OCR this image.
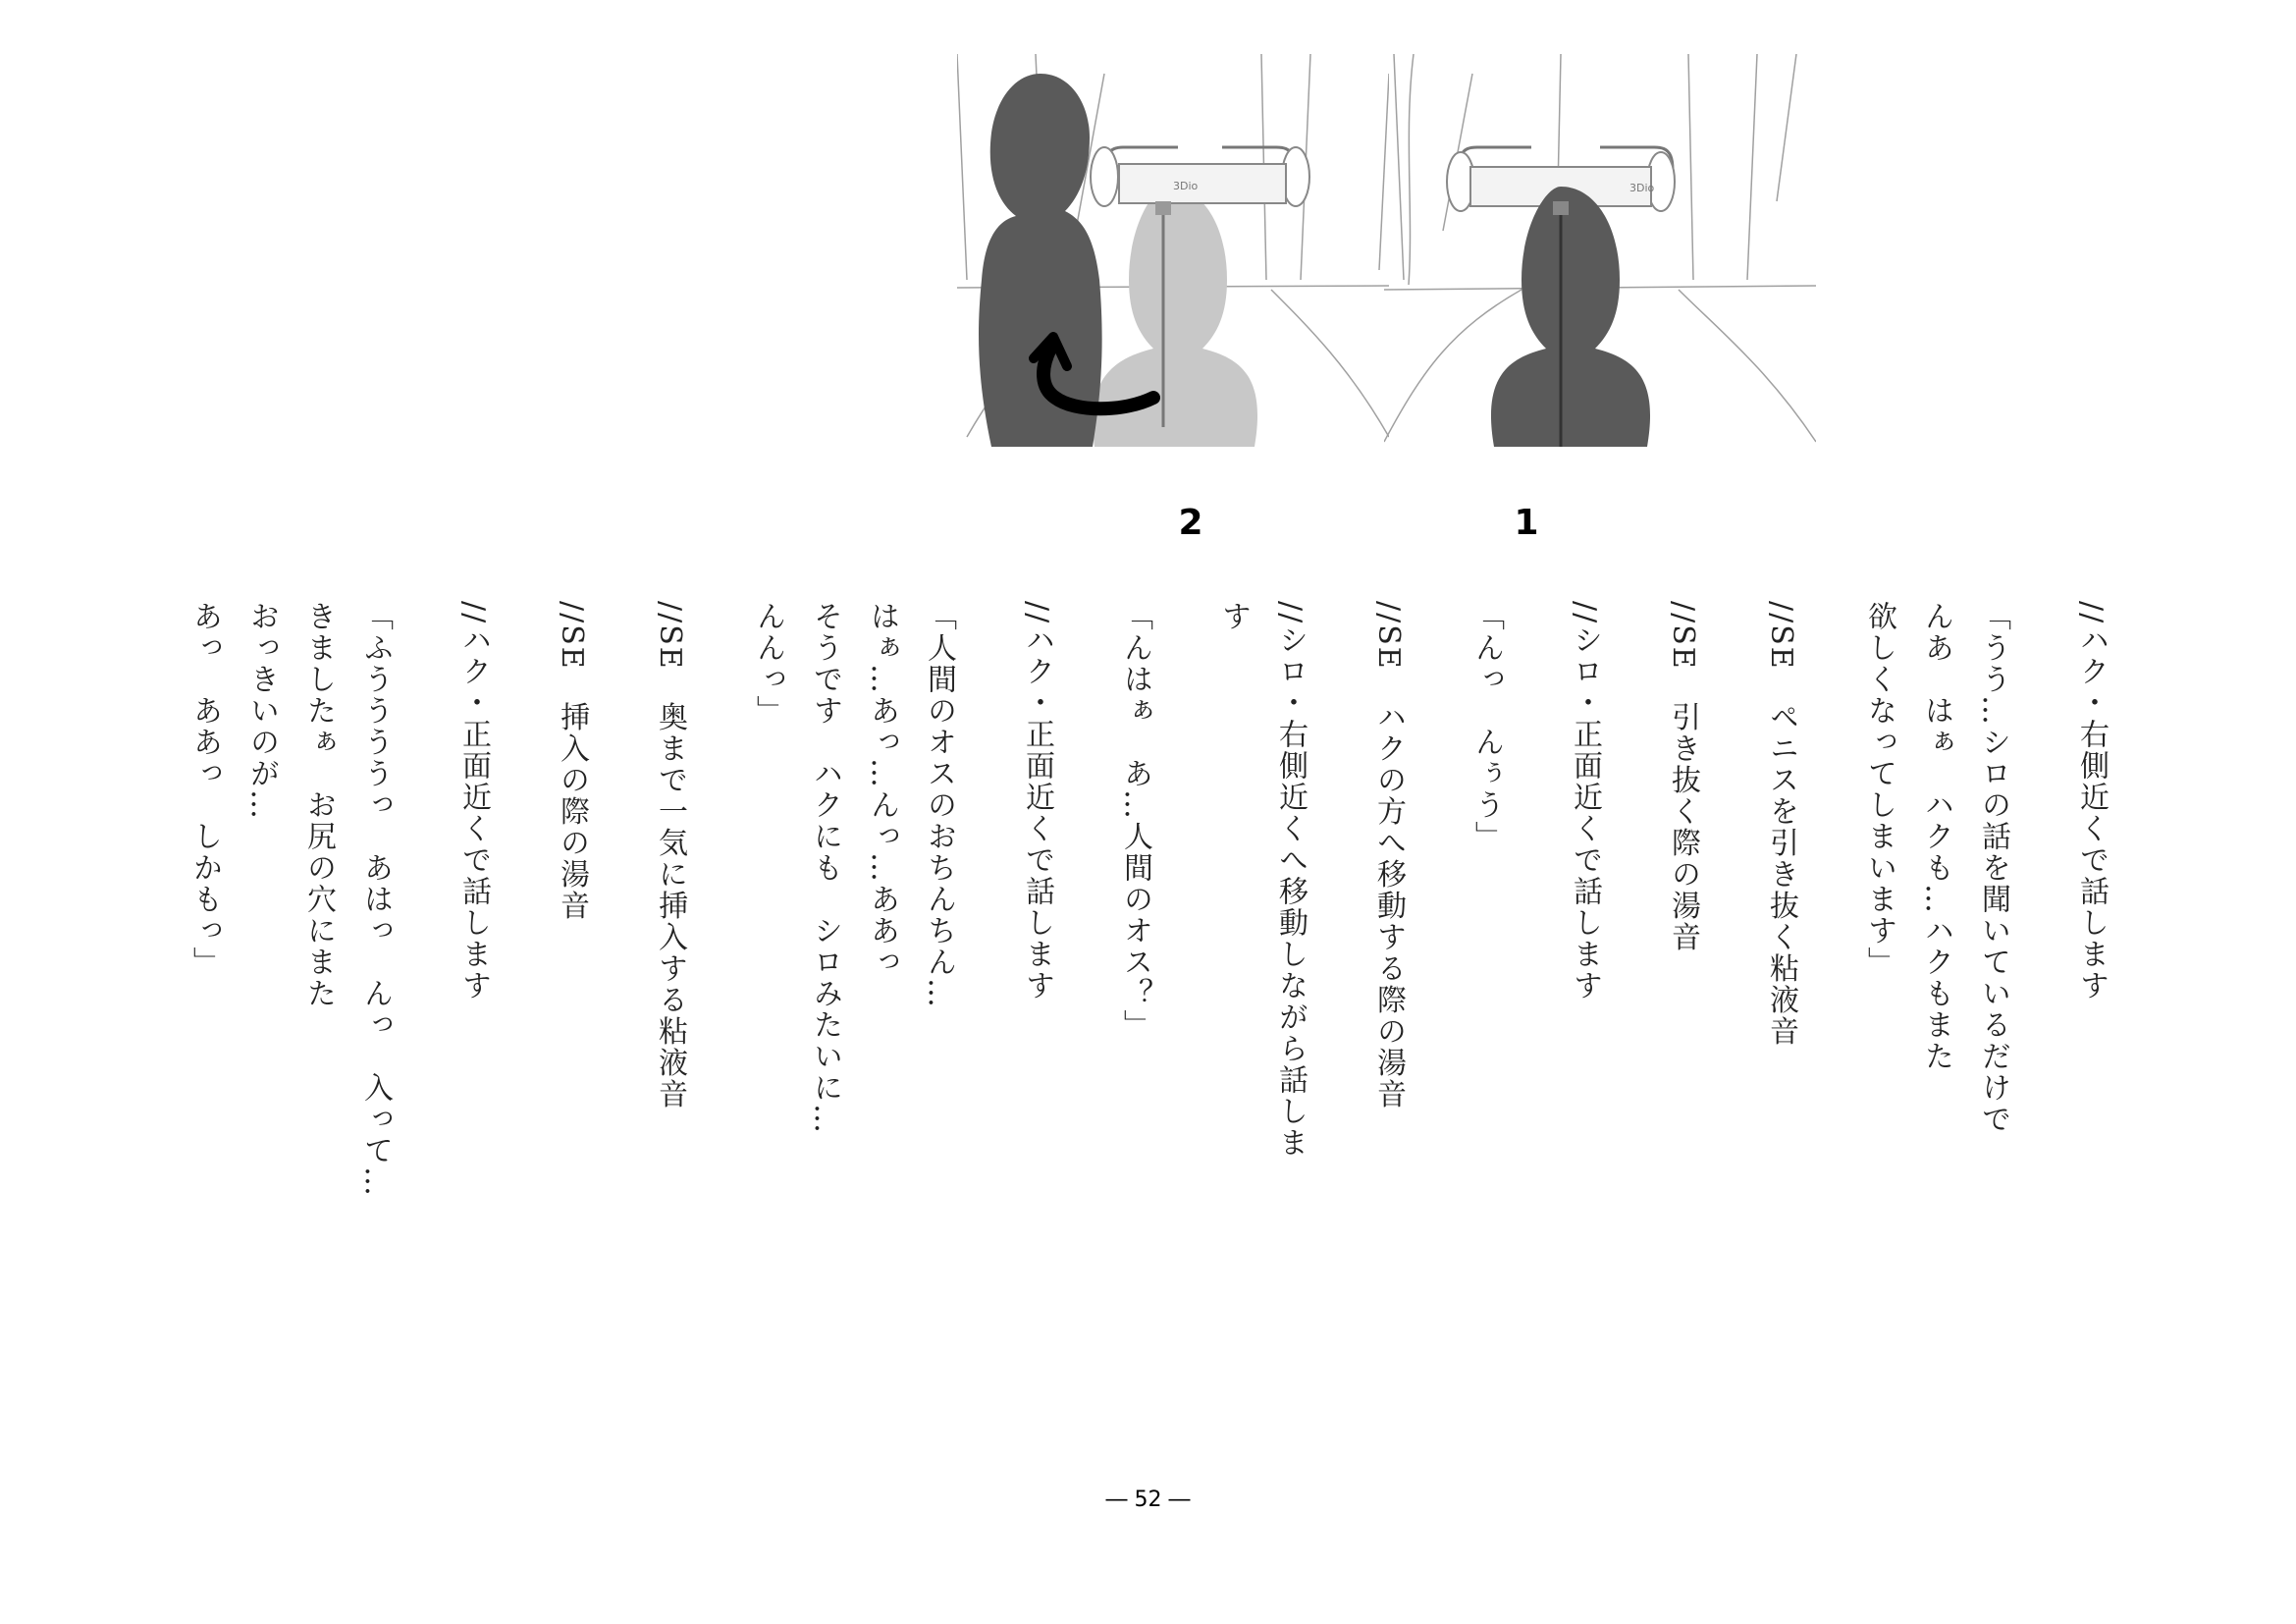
3Dio
3Dio
1
2
//ハク・右側近くで話します
「うう…シロの話を聞いているだけで
んあ　はぁ　ハクも…ハクもまた
欲しくなってしまいます」
//SE　ペニスを引き抜く粘液音
//SE　引き抜く際の湯音
//シロ・正面近くで話します
「んっ　んぅう」
//SE　ハクの方へ移動する際の湯音
//シロ・右側近くへ移動しながら話しま
す
「んはぁ　あ…人間のオス？」
//ハク・正面近くで話します
「人間のオスのおちんちん…
はぁ…あっ…んっ…ああっ
そうです　ハクにも　シロみたいに…
んんっ」
//SE　奥まで一気に挿入する粘液音
//SE　挿入の際の湯音
//ハク・正面近くで話します
「ふううううっ　あはっ　んっ　入って…
きましたぁ　お尻の穴にまた
おっきいのが…
あっ　ああっ　しかもっ」
― 52 ―
